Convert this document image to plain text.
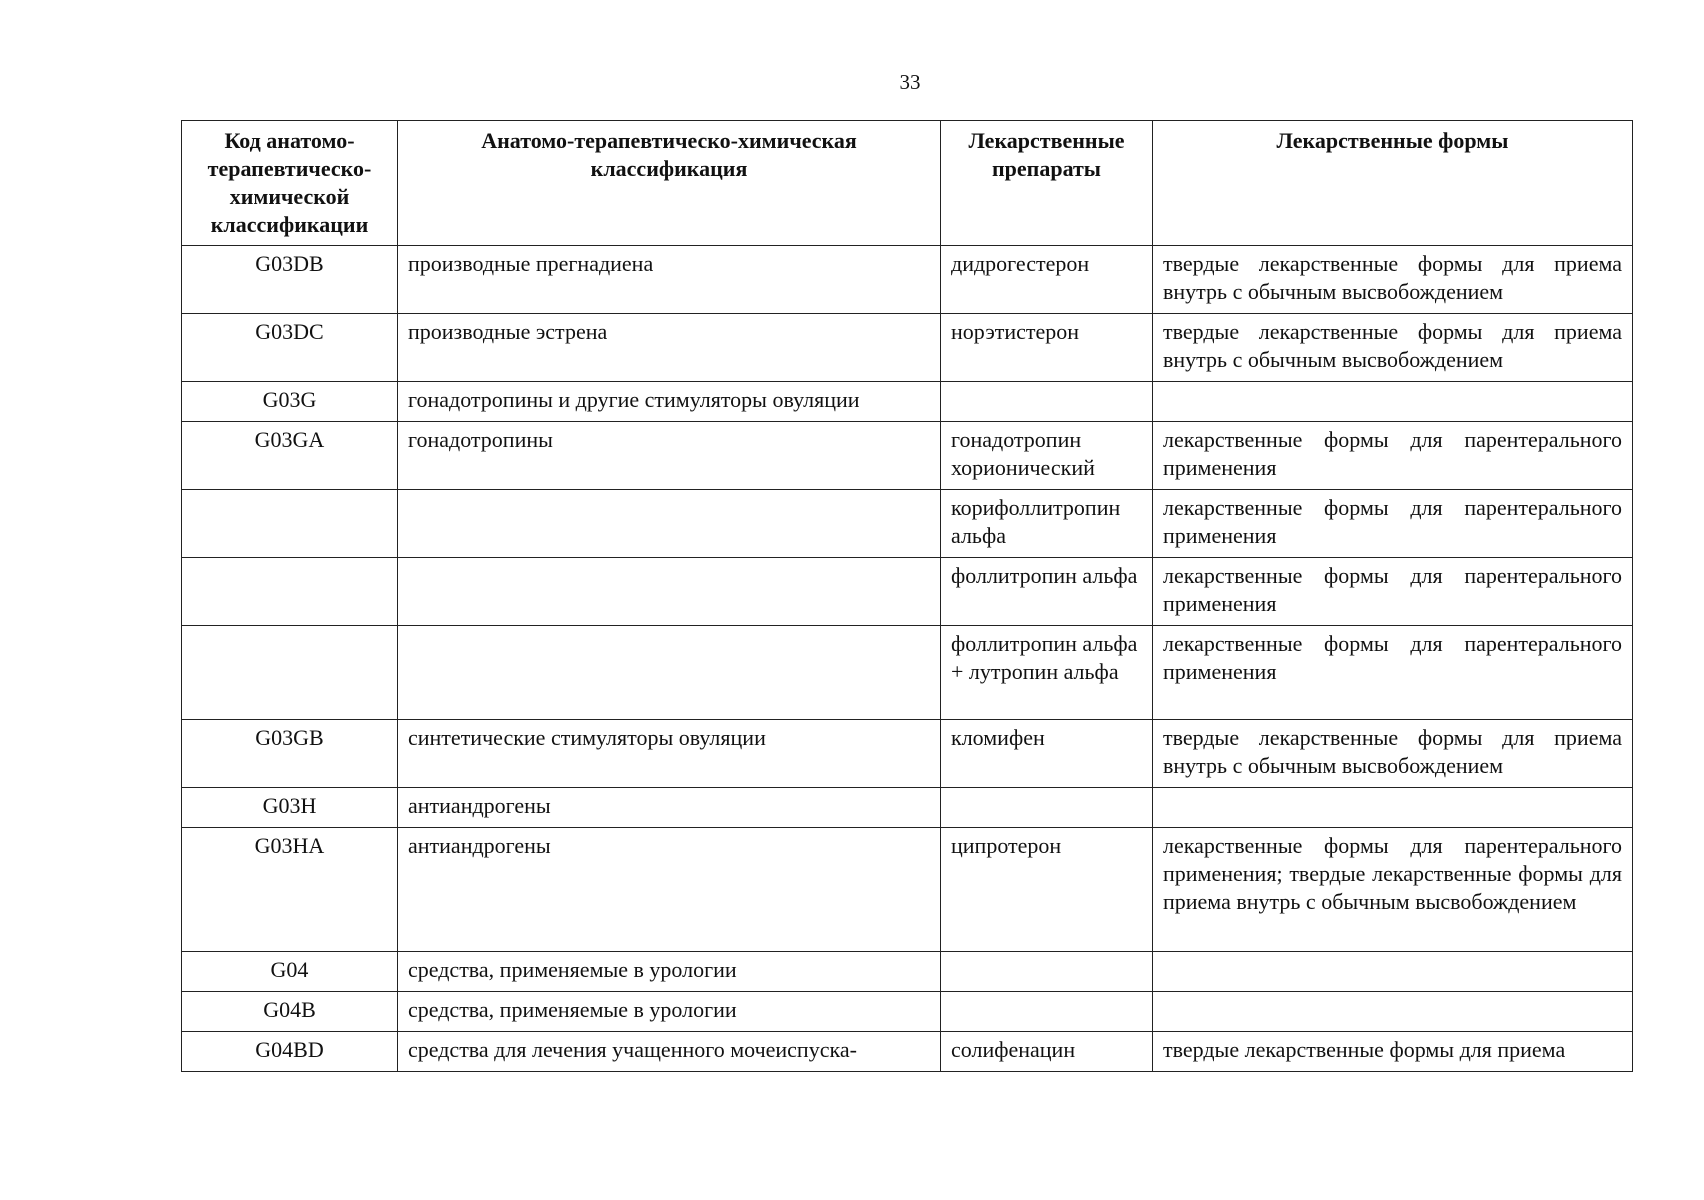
33
Код анатомо-терапевтическо-химической классификации	Анатомо-терапевтическо-химическая классификация	Лекарственные препараты	Лекарственные формы
G03DB	производные прегнадиена	дидрогестерон	твердые лекарственные формы для приема внутрь с обычным высвобождением
G03DC	производные эстрена	норэтистерон	твердые лекарственные формы для приема внутрь с обычным высвобождением
G03G	гонадотропины и другие стимуляторы овуляции		
G03GA	гонадотропины	гонадотропин хорионический	лекарственные формы для парентерального применения
		корифоллитропин альфа	лекарственные формы для парентерального применения
		фоллитропин альфа	лекарственные формы для парентерального применения
		фоллитропин альфа + лутропин альфа	лекарственные формы для парентерального применения
G03GB	синтетические стимуляторы овуляции	кломифен	твердые лекарственные формы для приема внутрь с обычным высвобождением
G03H	антиандрогены		
G03HA	антиандрогены	ципротерон	лекарственные формы для парентерального применения; твердые лекарственные формы для приема внутрь с обычным высвобождением
G04	средства, применяемые в урологии		
G04B	средства, применяемые в урологии		
G04BD	средства для лечения учащенного мочеиспуска-	солифенацин	твердые лекарственные формы для приема
